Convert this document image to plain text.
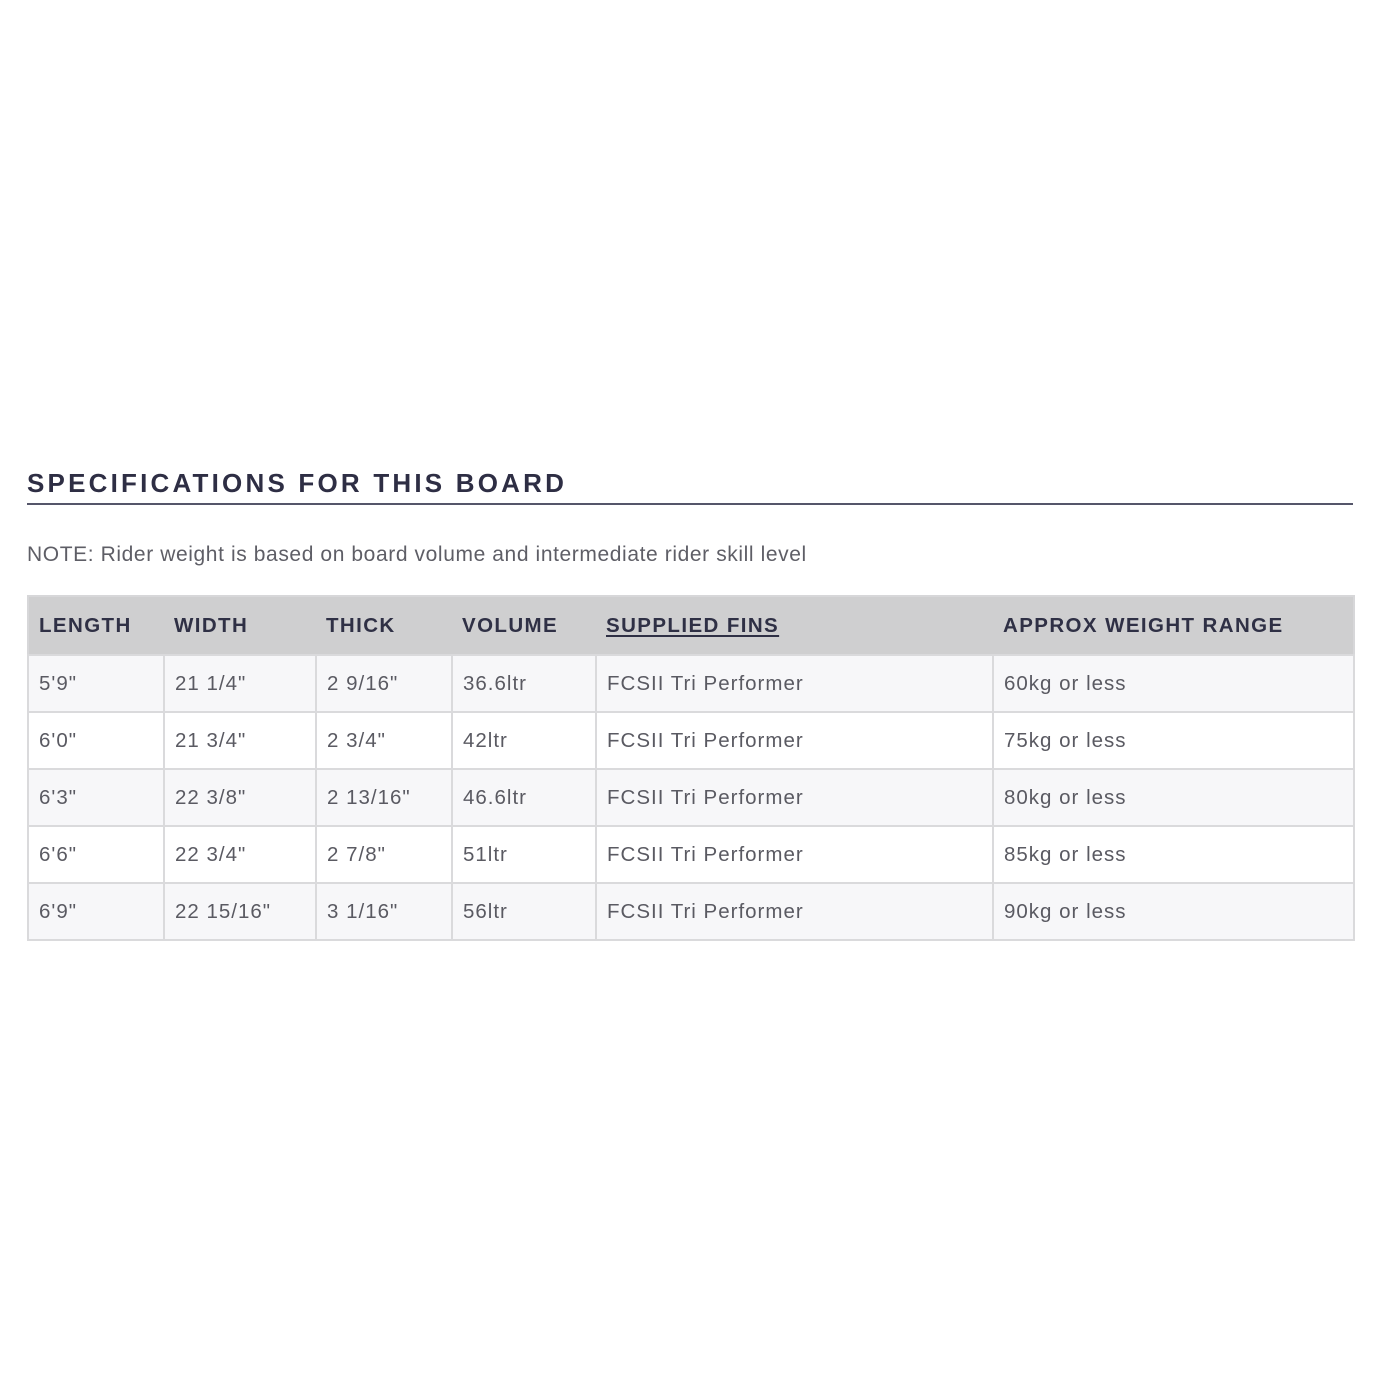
SPECIFICATIONS FOR THIS BOARD
NOTE: Rider weight is based on board volume and intermediate rider skill level
LENGTH	WIDTH	THICK	VOLUME	SUPPLIED FINS	APPROX WEIGHT RANGE
5'9"	21 1/4"	2 9/16"	36.6ltr	FCSII Tri Performer	60kg or less
6'0"	21 3/4"	2 3/4"	42ltr	FCSII Tri Performer	75kg or less
6'3"	22 3/8"	2 13/16"	46.6ltr	FCSII Tri Performer	80kg or less
6'6"	22 3/4"	2 7/8"	51ltr	FCSII Tri Performer	85kg or less
6'9"	22 15/16"	3 1/16"	56ltr	FCSII Tri Performer	90kg or less
